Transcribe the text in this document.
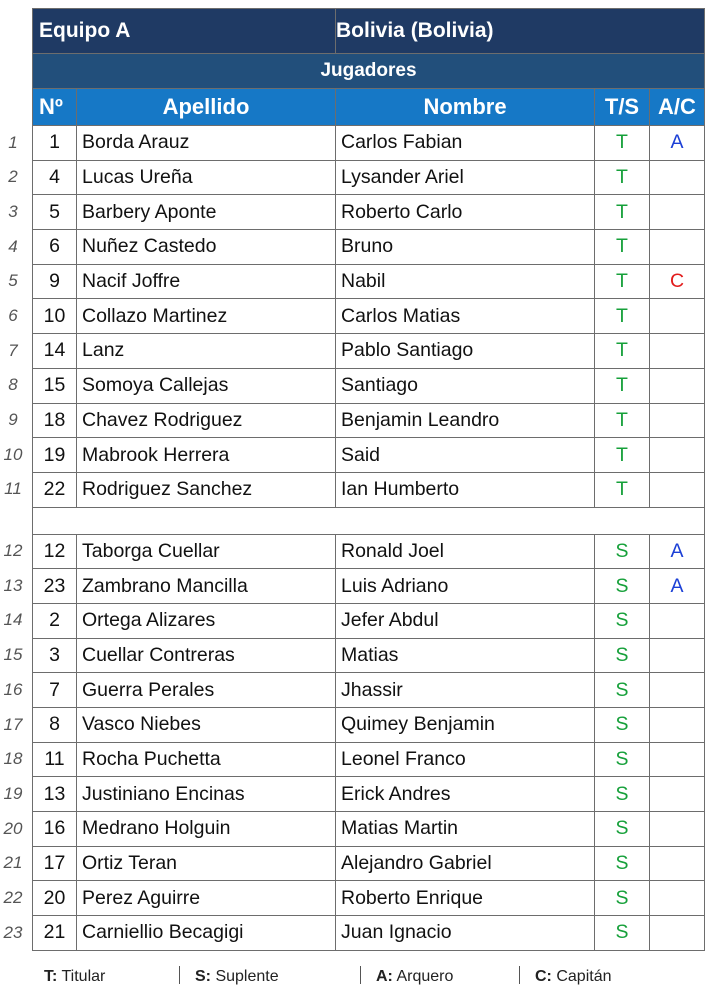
1
2
3
4
5
6
7
8
9
10
11
12
13
14
15
16
17
18
19
20
21
22
23
Equipo A		Bolivia (Bolivia)		
Jugadores				
Nº	Apellido	Nombre	T/S	A/C
1	Borda Arauz	Carlos Fabian	T	A
4	Lucas Ureña	Lysander Ariel	T	
5	Barbery Aponte	Roberto Carlo	T	
6	Nuñez Castedo	Bruno	T	
9	Nacif Joffre	Nabil	T	C
10	Collazo Martinez	Carlos Matias	T	
14	Lanz	Pablo Santiago	T	
15	Somoya Callejas	Santiago	T	
18	Chavez Rodriguez	Benjamin Leandro	T	
19	Mabrook Herrera	Said	T	
22	Rodriguez Sanchez	Ian Humberto	T	

12	Taborga Cuellar	Ronald Joel	S	A
23	Zambrano Mancilla	Luis Adriano	S	A
2	Ortega Alizares	Jefer Abdul	S	
3	Cuellar Contreras	Matias	S	
7	Guerra Perales	Jhassir	S	
8	Vasco Niebes	Quimey Benjamin	S	
11	Rocha Puchetta	Leonel Franco	S	
13	Justiniano Encinas	Erick Andres	S	
16	Medrano Holguin	Matias Martin	S	
17	Ortiz Teran	Alejandro Gabriel	S	
20	Perez Aguirre	Roberto Enrique	S	
21	Carniellio Becagigi	Juan Ignacio	S	
T: Titular	S: Suplente	A: Arquero	C: Capitán
